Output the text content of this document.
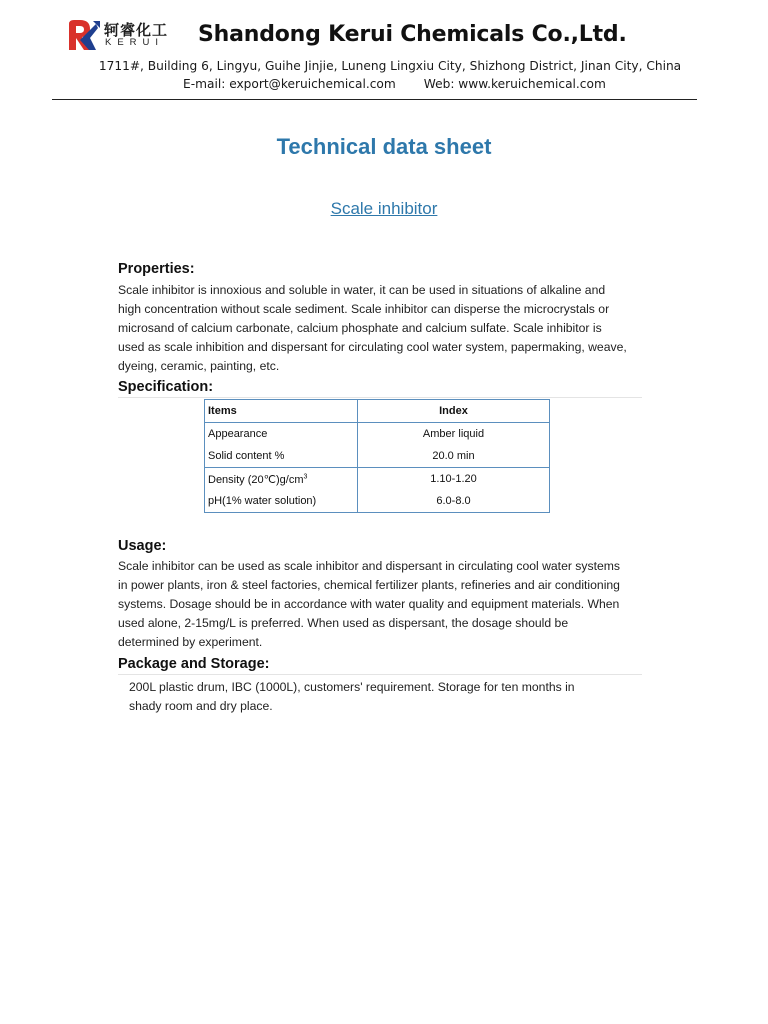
轲睿化工
KERUI Shandong Kerui Chemicals Co.,Ltd.
1711#, Building 6, Lingyu, Guihe Jinjie, Luneng Lingxiu City, Shizhong District, Jinan City, China
E-mail: export@keruichemical.com Web: www.keruichemical.com
Technical data sheet
Scale inhibitor
Properties:

Scale inhibitor is innoxious and soluble in water, it can be used in situations of alkaline and

high concentration without scale sediment. Scale inhibitor can disperse the microcrystals or

microsand of calcium carbonate, calcium phosphate and calcium sulfate. Scale inhibitor is

used as scale inhibition and dispersant for circulating cool water system, papermaking, weave,

dyeing, ceramic, painting, etc.

Specification:
Items	Index
Appearance	Amber liquid
Solid content %	20.0 min
Density $(20℃)g/cm^3$	1.10-1.20
pH(1% water solution)	6.0-8.0
Usage:

Scale inhibitor can be used as scale inhibitor and dispersant in circulating cool water systems

in power plants, iron & steel factories, chemical fertilizer plants, refineries and air conditioning

systems. Dosage should be in accordance with water quality and equipment materials. When

used alone, 2-15mg/L is preferred. When used as dispersant, the dosage should be

determined by experiment.

Package and Storage:

200L plastic drum, IBC (1000L), customers' requirement. Storage for ten months in

shady room and dry place.
